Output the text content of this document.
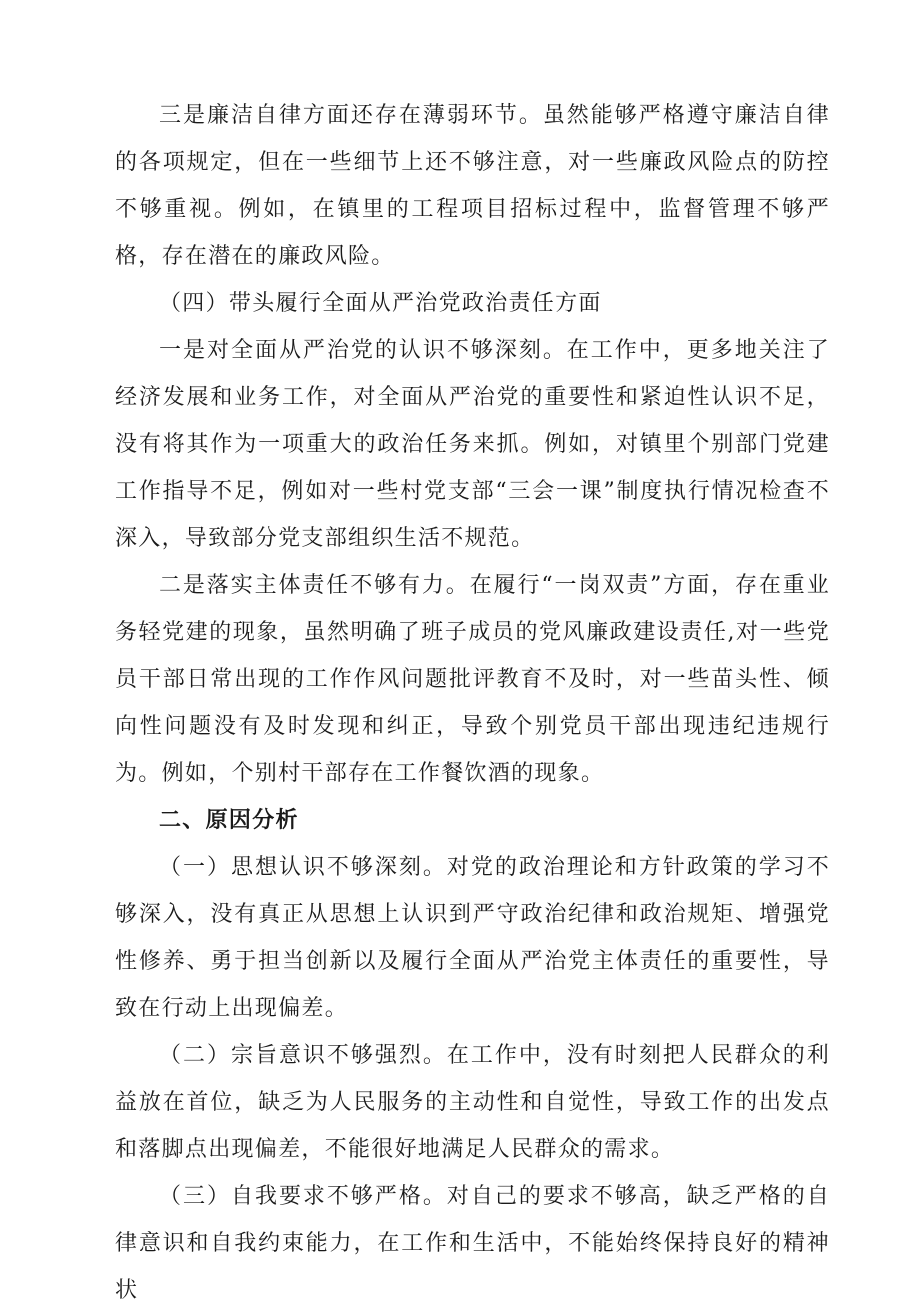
三是廉洁自律方面还存在薄弱环节。虽然能够严格遵守廉洁自律的各项规定，但在一些细节上还不够注意，对一些廉政风险点的防控不够重视。例如，在镇里的工程项目招标过程中，监督管理不够严格，存在潜在的廉政风险。

（四）带头履行全面从严治党政治责任方面

一是对全面从严治党的认识不够深刻。在工作中，更多地关注了经济发展和业务工作，对全面从严治党的重要性和紧迫性认识不足，没有将其作为一项重大的政治任务来抓。例如，对镇里个别部门党建工作指导不足，例如对一些村党支部“三会一课”制度执行情况检查不深入，导致部分党支部组织生活不规范。

二是落实主体责任不够有力。在履行“一岗双责”方面，存在重业务轻党建的现象，虽然明确了班子成员的党风廉政建设责任,对一些党员干部日常出现的工作作风问题批评教育不及时，对一些苗头性、倾向性问题没有及时发现和纠正，导致个别党员干部出现违纪违规行为。例如，个别村干部存在工作餐饮酒的现象。

二、原因分析

（一）思想认识不够深刻。对党的政治理论和方针政策的学习不够深入，没有真正从思想上认识到严守政治纪律和政治规矩、增强党性修养、勇于担当创新以及履行全面从严治党主体责任的重要性，导致在行动上出现偏差。

（二）宗旨意识不够强烈。在工作中，没有时刻把人民群众的利益放在首位，缺乏为人民服务的主动性和自觉性，导致工作的出发点和落脚点出现偏差，不能很好地满足人民群众的需求。

（三）自我要求不够严格。对自己的要求不够高，缺乏严格的自律意识和自我约束能力，在工作和生活中，不能始终保持良好的精神状
